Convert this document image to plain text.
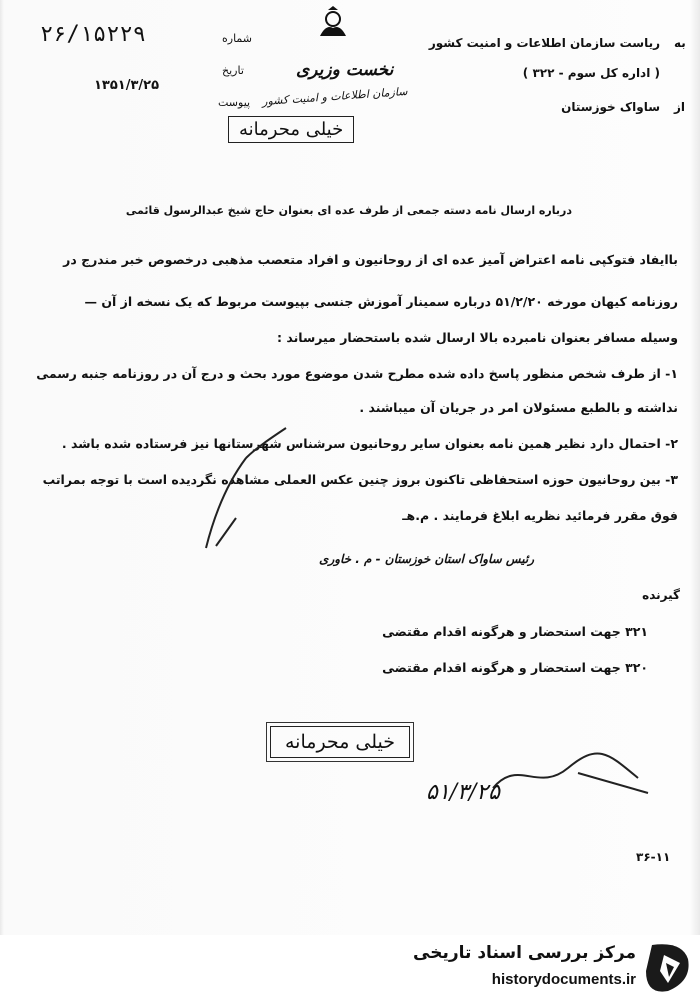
۲۶/۱۵۲۲۹	شماره
تاریخ
۱۳۵۱/۳/۲۵
پیوست
نخست وزیری
سازمان اطلاعات و امنیت کشور
خیلی محرمانه
به
ریاست سازمان اطلاعات و امنیت کشور
( اداره کل سوم - ۳۲۲ )
از
ساواک خوزستان
درباره ارسال نامه دسته جمعی از طرف عده ای بعنوان حاج شیخ عبدالرسول قائمی
باایفاد فتوکپی نامه اعتراض آمیز عده ای از روحانیون و افراد متعصب مذهبی درخصوص خبر مندرج در
روزنامه کیهان مورخه ۵۱/۲/۲۰ درباره سمینار آموزش جنسی بپیوست مربوط که یک نسخه از آن —
وسیله مسافر بعنوان نامبرده بالا ارسال شده باستحضار میرساند :
۱- از طرف شخص منظور پاسخ داده شده مطرح شدن موضوع مورد بحث و درج آن در روزنامه جنبه رسمی
نداشته و بالطبع مسئولان امر در جریان آن میباشند .
۲- احتمال دارد نظیر همین نامه بعنوان سایر روحانیون سرشناس شهرستانها نیز فرستاده شده باشد .
۳- بین روحانیون حوزه استحفاظی تاکنون بروز چنین عکس العملی مشاهده نگردیده است با توجه بمراتب
فوق مقرر فرمائید نظریه ابلاغ فرمایند . م.هـ
رئیس ساواک استان خوزستان - م . خاوری
گیرنده
۳۲۱ جهت استحضار و هرگونه اقدام مقتضی
۳۲۰ جهت استحضار و هرگونه اقدام مقتضی
خیلی محرمانه
۵۱/۳/۲۵
۳۶-۱۱
مرکز بررسی اسناد تاریخی
historydocuments.ir
